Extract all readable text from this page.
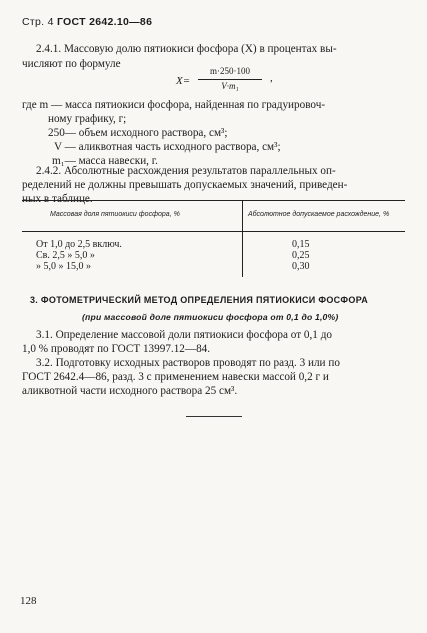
Стр. 4 ГОСТ 2642.10—86
2.4.1. Массовую долю пятиокиси фосфора (X) в процентах вы-
числяют по формуле
X=
m·250·100
V·m₁
,
где m — масса пятиокиси фосфора, найденная по градуировоч-
ному графику, г;
250— объем исходного раствора, см³;
V — аликвотная часть исходного раствора, см³;
m₁— масса навески, г.
2.4.2. Абсолютные расхождения результатов параллельных оп-
ределений не должны превышать допускаемых значений, приведен-
ных в таблице.
Массовая доля пятиокиси фосфора, %	Абсолютное допускаемое расхождение, %
От 1,0 до 2,5 включ.	0,15
Св. 2,5 » 5,0 »	0,25
» 5,0 » 15,0 »	0,30
3. ФОТОМЕТРИЧЕСКИЙ МЕТОД ОПРЕДЕЛЕНИЯ ПЯТИОКИСИ ФОСФОРА
(при массовой доле пятиокиси фосфора от 0,1 до 1,0%)
3.1. Определение массовой доли пятиокиси фосфора от 0,1 до
1,0 % проводят по ГОСТ 13997.12—84.
3.2. Подготовку исходных растворов проводят по разд. 3 или по
ГОСТ 2642.4—86, разд. 3 с применением навески массой 0,2 г и
аликвотной части исходного раствора 25 см³.
128
